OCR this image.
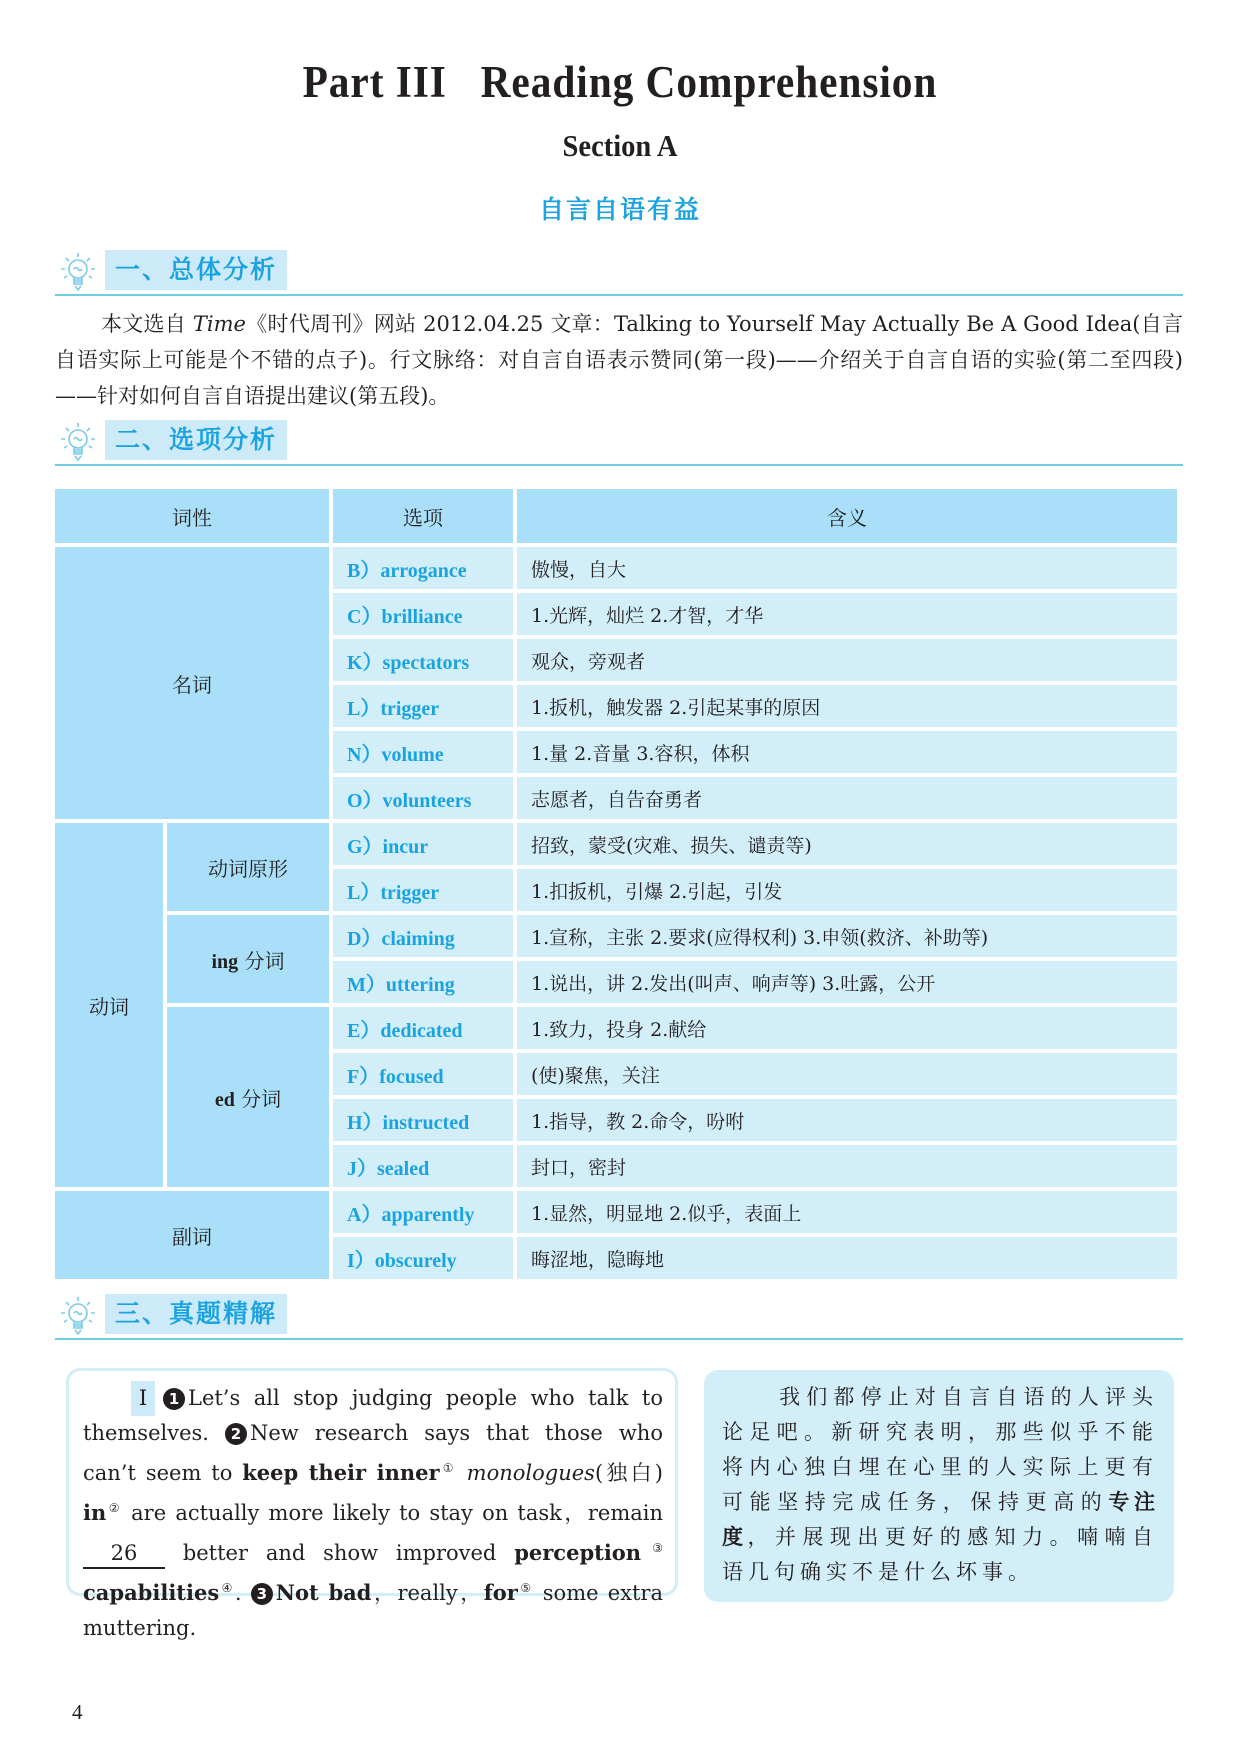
Part III   Reading Comprehension
Section A
自言自语有益
一、总体分析

本文选自 Time《时代周刊》网站 2012.04.25 文章：Talking to Yourself May Actually Be A Good Idea(自言自语实际上可能是个不错的点子)。行文脉络：对自言自语表示赞同(第一段)——介绍关于自言自语的实验(第二至四段)——针对如何自言自语提出建议(第五段)。

二、选项分析
词性		选项	含义
名词		B）arrogance	傲慢，自大
		C）brilliance	1.光辉，灿烂 2.才智，才华
		K）spectators	观众，旁观者
		L）trigger	1.扳机，触发器 2.引起某事的原因
		N）volume	1.量 2.音量 3.容积，体积
		O）volunteers	志愿者，自告奋勇者
动词	动词原形	G）incur	招致，蒙受(灾难、损失、谴责等)
		L）trigger	1.扣扳机，引爆 2.引起，引发
	ing 分词	D）claiming	1.宣称，主张 2.要求(应得权利) 3.申领(救济、补助等)
		M）uttering	1.说出，讲 2.发出(叫声、响声等) 3.吐露，公开
	ed 分词	E）dedicated	1.致力，投身 2.献给
		F）focused	(使)聚焦，关注
		H）instructed	1.指导，教 2.命令，吩咐
		J）sealed	封口，密封
副词		A）apparently	1.显然，明显地 2.似乎，表面上
		I）obscurely	晦涩地，隐晦地
三、真题精解
Ⅰ 1 Let’s all stop judging people who talk to themselves. 2 New research says that those who can’t seem to keep their inner① monologues(独白) in② are actually more likely to stay on task，remain 26 better and show improved perception③ capabilities④. 3 Not bad，really，for⑤ some extra muttering.
我们都停止对自言自语的人评头论足吧。新研究表明，那些似乎不能将内心独白埋在心里的人实际上更有可能坚持完成任务，保持更高的专注度，并展现出更好的感知力。喃喃自语几句确实不是什么坏事。
4
